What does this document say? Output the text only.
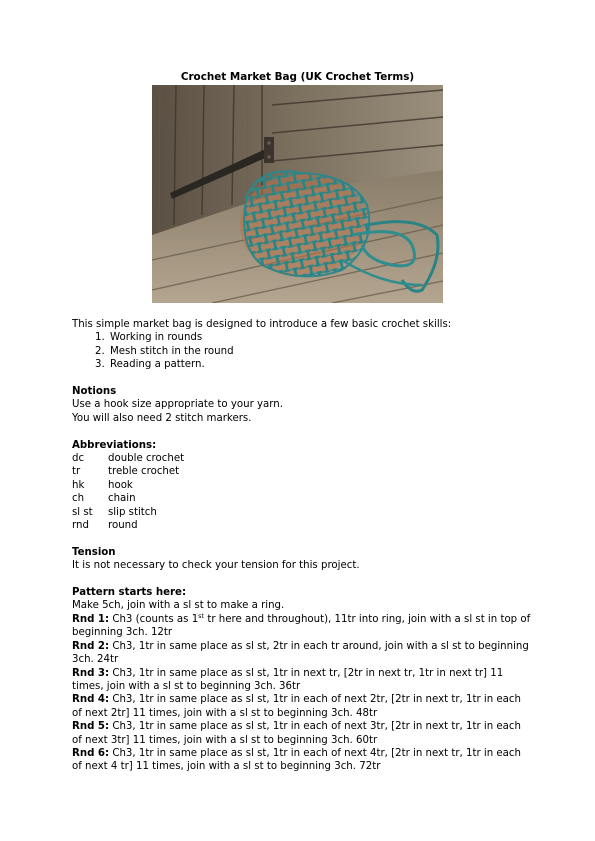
Crochet Market Bag (UK Crochet Terms)

This simple market bag is designed to introduce a few basic crochet skills:

1. Working in rounds
2. Mesh stitch in the round
3. Reading a pattern.

Notions

Use a hook size appropriate to your yarn.

You will also need 2 stitch markers.

Abbreviations:

dc	double crochet
tr	treble crochet
hk	hook
ch	chain
sl st	slip stitch
rnd	round

Tension

It is not necessary to check your tension for this project.

Pattern starts here:

Make 5ch, join with a sl st to make a ring.

Rnd 1: Ch3 (counts as 1st tr here and throughout), 11tr into ring, join with a sl st in top of beginning 3ch. 12tr

Rnd 2: Ch3, 1tr in same place as sl st, 2tr in each tr around, join with a sl st to beginning 3ch. 24tr

Rnd 3: Ch3, 1tr in same place as sl st, 1tr in next tr, [2tr in next tr, 1tr in next tr] 11 times, join with a sl st to beginning 3ch. 36tr

Rnd 4: Ch3, 1tr in same place as sl st, 1tr in each of next 2tr, [2tr in next tr, 1tr in each of next 2tr] 11 times, join with a sl st to beginning 3ch. 48tr

Rnd 5: Ch3, 1tr in same place as sl st, 1tr in each of next 3tr, [2tr in next tr, 1tr in each of next 3tr] 11 times, join with a sl st to beginning 3ch. 60tr

Rnd 6: Ch3, 1tr in same place as sl st, 1tr in each of next 4tr, [2tr in next tr, 1tr in each of next 4 tr] 11 times, join with a sl st to beginning 3ch. 72tr
